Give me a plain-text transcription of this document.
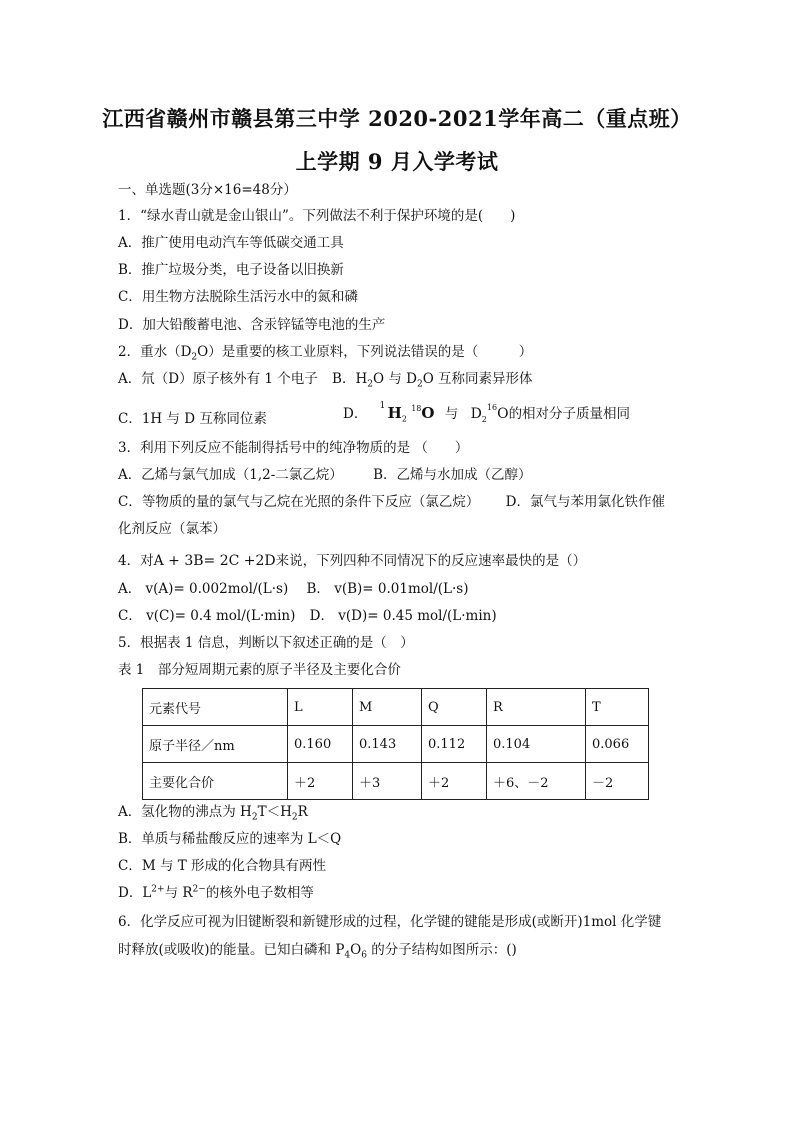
江西省赣州市赣县第三中学 2020-2021学年高二（重点班）
上学期 9 月入学考试
一、单选题(3分×16=48分）
1．“绿水青山就是金山银山”。下列做法不利于保护环境的是(　　)
A．推广使用电动汽车等低碳交通工具
B．推广垃圾分类，电子设备以旧换新
C．用生物方法脱除生活污水中的氮和磷
D．加大铅酸蓄电池、含汞锌锰等电池的生产
2．重水$(D_2O)$是重要的核工业原料，下列说法错误的是（　　　）
A．氘（D）原子核外有 1 个电子 B．$H_2O$ 与 $D_2O$ 互称同素异形体
C．1H 与 D 互称同位素	D． 1 $H_2$ $^{18}$O 与 $D_2^{16}O$的相对分子质量相同
3．利用下列反应不能制得括号中的纯净物质的是 （　　）
A．乙烯与氯气加成（1,2-二氯乙烷） B．乙烯与水加成（乙醇）
C．等物质的量的氯气与乙烷在光照的条件下反应（氯乙烷） D．氯气与苯用氯化铁作催
化剂反应（氯苯）
4．对A + 3B= 2C +2D来说，下列四种不同情况下的反应速率最快的是（）
A． v(A)= 0.002mol/(L·s) B． v(B)= 0.01mol/(L·s)
C． v(C)= 0.4 mol/(L·min) D． v(D)= 0.45 mol/(L·min)
5．根据表 1 信息，判断以下叙述正确的是（　）
表 1　部分短周期元素的原子半径及主要化合价
元素代号	L	M	Q	R	T
原子半径／nm	0.160	0.143	0.112	0.104	0.066
主要化合价	＋2	＋3	＋2	＋6、－2	－2
A．氢化物的沸点为 $H_2T<H_2R$
B．单质与稀盐酸反应的速率为 L＜Q
C．M 与 T 形成的化合物具有两性
D．$L^{2+}$与 $R^{2-}$的核外电子数相等
6．化学反应可视为旧键断裂和新键形成的过程，化学键的键能是形成(或断开)1mol 化学键
时释放(或吸收)的能量。已知白磷和 $P_4O_6$ 的分子结构如图所示：()
